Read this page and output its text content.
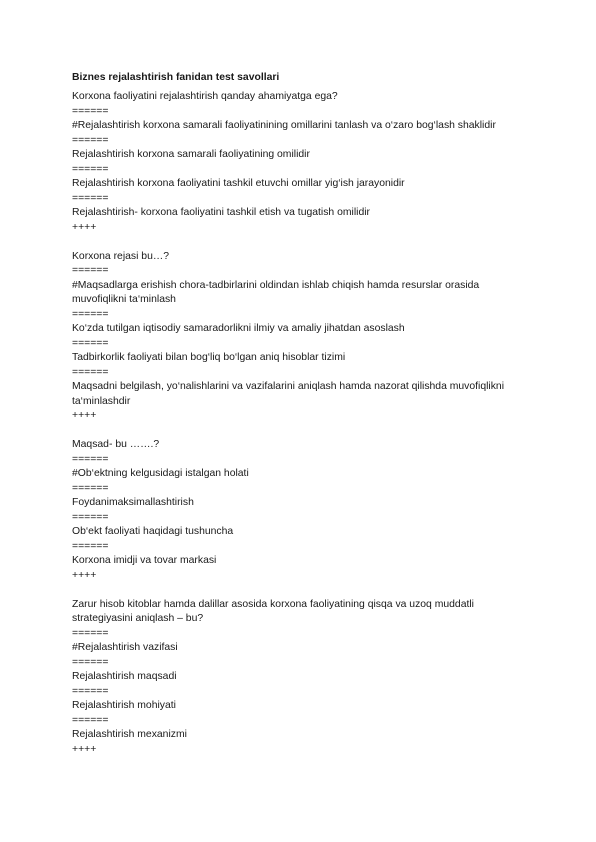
Biznes rejalashtirish fanidan test savollari
Korxona faoliyatini rejalashtirish qanday ahamiyatga ega?
======
#Rejalashtirish korxona samarali faoliyatinining omillarini tanlash va o‘zaro bog‘lash shaklidir
======
Rejalashtirish korxona samarali faoliyatining omilidir
======
Rejalashtirish korxona faoliyatini tashkil etuvchi omillar yig‘ish jarayonidir
======
Rejalashtirish- korxona faoliyatini tashkil etish va tugatish omilidir
++++
Korxona rejasi bu…?
======
#Maqsadlarga erishish chora-tadbirlarini oldindan ishlab chiqish hamda resurslar orasida muvofiqlikni ta‘minlash
======
Ko‘zda tutilgan iqtisodiy samaradorlikni ilmiy va amaliy jihatdan asoslash
======
Tadbirkorlik faoliyati bilan bog‘liq bo‘lgan aniq hisoblar tizimi
======
Maqsadni belgilash, yo‘nalishlarini va vazifalarini aniqlash hamda nazorat qilishda muvofiqlikni ta‘minlashdir
++++
Maqsad- bu …….?
======
#Ob‘ektning kelgusidagi istalgan holati
======
Foydanimaksimallashtirish
======
Ob‘ekt faoliyati haqidagi tushuncha
======
Korxona imidji va tovar markasi
++++
Zarur hisob kitoblar hamda dalillar asosida korxona faoliyatining qisqa va uzoq muddatli strategiyasini aniqlash – bu?
======
#Rejalashtirish vazifasi
======
Rejalashtirish maqsadi
======
Rejalashtirish mohiyati
======
Rejalashtirish mexanizmi
++++
